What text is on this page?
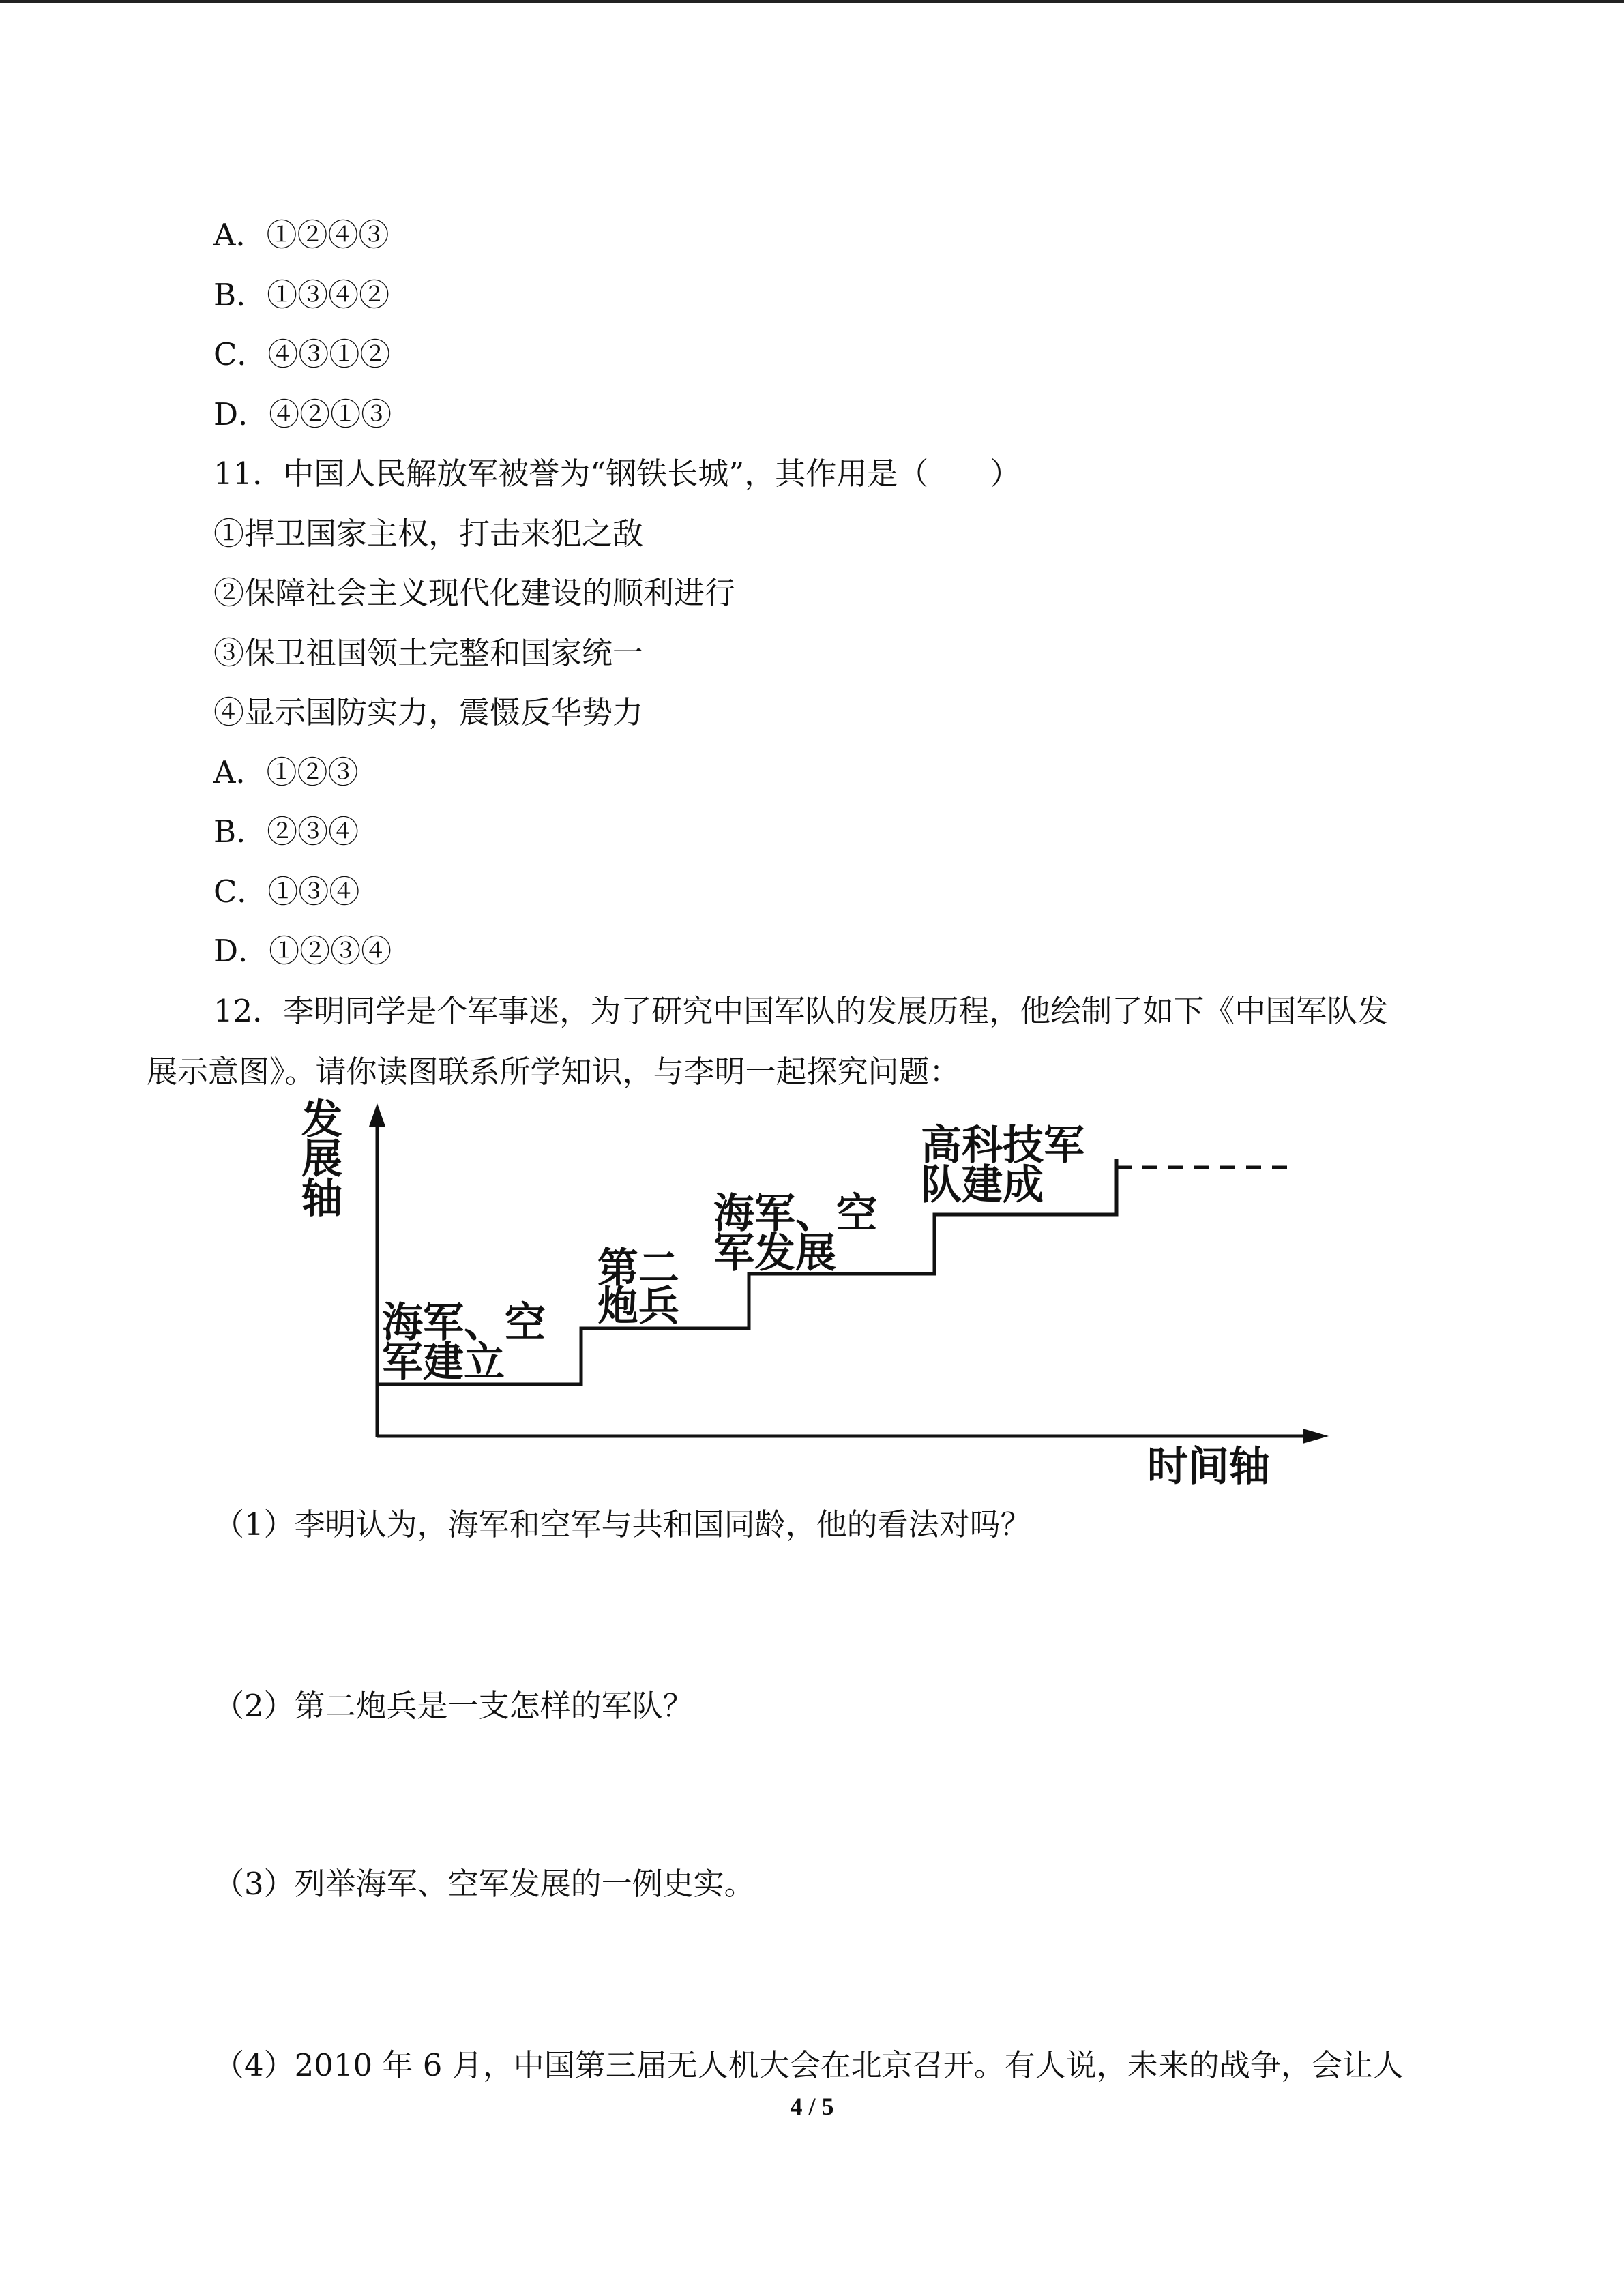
A．①②④③
B．①③④②
C．④③①②
D．④②①③
11．中国人民解放军被誉为“钢铁长城”，其作用是（　　）
①捍卫国家主权，打击来犯之敌
②保障社会主义现代化建设的顺利进行
③保卫祖国领土完整和国家统一
④显示国防实力，震慑反华势力
A．①②③
B．②③④
C．①③④
D．①②③④
12．李明同学是个军事迷，为了研究中国军队的发展历程，他绘制了如下《中国军队发
展示意图》。请你读图联系所学知识，与李明一起探究问题：
发
展
轴
时间轴
海军、空
军建立
第二
炮兵
海军、空
军发展
高科技军
队建成
（1）李明认为，海军和空军与共和国同龄，他的看法对吗？
（2）第二炮兵是一支怎样的军队？
（3）列举海军、空军发展的一例史实。
（4）2010 年 6 月，中国第三届无人机大会在北京召开。有人说，未来的战争，会让人
4 / 5
